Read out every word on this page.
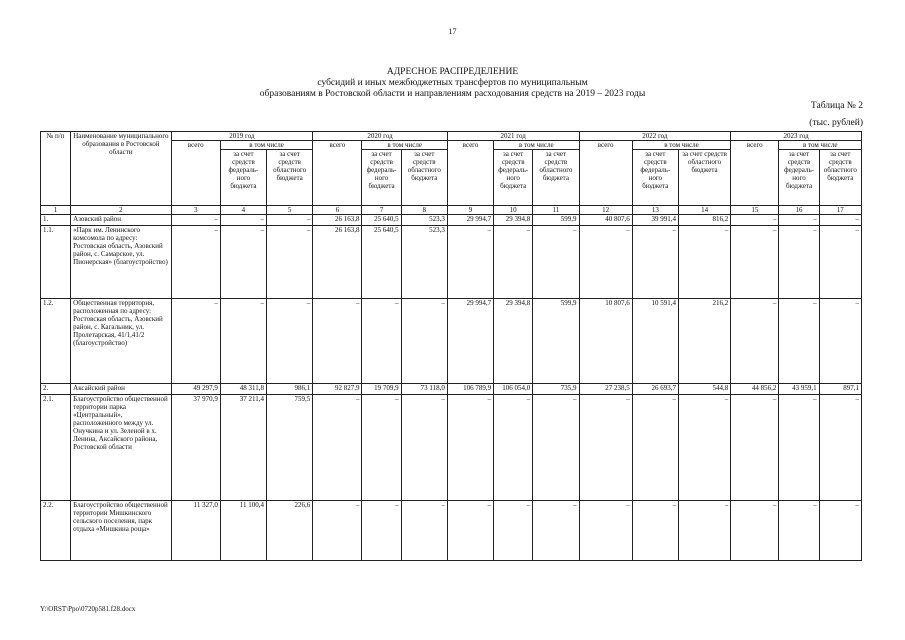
17
АДРЕСНОЕ РАСПРЕДЕЛЕНИЕ
субсидий и иных межбюджетных трансфертов по муниципальным
образованиям в Ростовской области и направлениям расходования средств на 2019 – 2023 годы
Таблица № 2
(тыс. рублей)
№ п/п	Наименование муниципального образования в Ростовской области	2019 год			2020 год			2021 год			2022 год			2023 год		
		всего	в том числе		всего	в том числе		всего	в том числе		всего	в том числе		всего	в том числе	
			за счет средств федераль-ного бюджета	за счет средств областного бюджета		за счет средств федераль-ного бюджета	за счет средств областного бюджета		за счет средств федераль-ного бюджета	за счет средств областного бюджета		за счет средств федераль-ного бюджета	за счет средств областного бюджета		за счет средств федераль-ного бюджета	за счет средств областного бюджета
1	2	3	4	5	6	7	8	9	10	11	12	13	14	15	16	17
1.	Азовский район	–	–	–	26 163,8	25 640,5	523,3	29 994,7	29 394,8	599,9	40 807,6	39 991,4	816,2	–	–	–
1.1.	«Парк им. Ленинского комсомола по адресу: Ростовская область, Азовский район, с. Самарское, ул. Пионерская» (благоустройство)	–	–	–	26 163,8	25 640,5	523,3	–	–	–	–	–	–	–	–	–
1.2.	Общественная территория, расположенная по адресу: Ростовская область, Азовский район, с. Кагальник, ул. Пролетарская, 41/1,41/2 (благоустройство)	–	–	–	–	–	–	29 994,7	29 394,8	599,9	10 807,6	10 591,4	216,2	–	–	–
2.	Аксайский район	49 297,9	48 311,8	986,1	92 827,9	19 709,9	73 118,0	106 789,9	106 054,0	735,9	27 238,5	26 693,7	544,8	44 856,2	43 959,1	897,1
2.1.	Благоустройство общественной территории парка «Центральный», расположенного между ул. Онучкина и ул. Зеленой в х. Ленина, Аксайского района, Ростовской области	37 970,9	37 211,4	759,5	–	–	–	–	–	–	–	–	–	–	–	–
2.2.	Благоустройство общественной территории Мишкинского сельского поселения, парк отдыха «Мишкина роща»	11 327,0	11 100,4	226,6	–	–	–	–	–	–	–	–	–	–	–	–
Y:\ORST\Ppo\0720p581.f28.docx
